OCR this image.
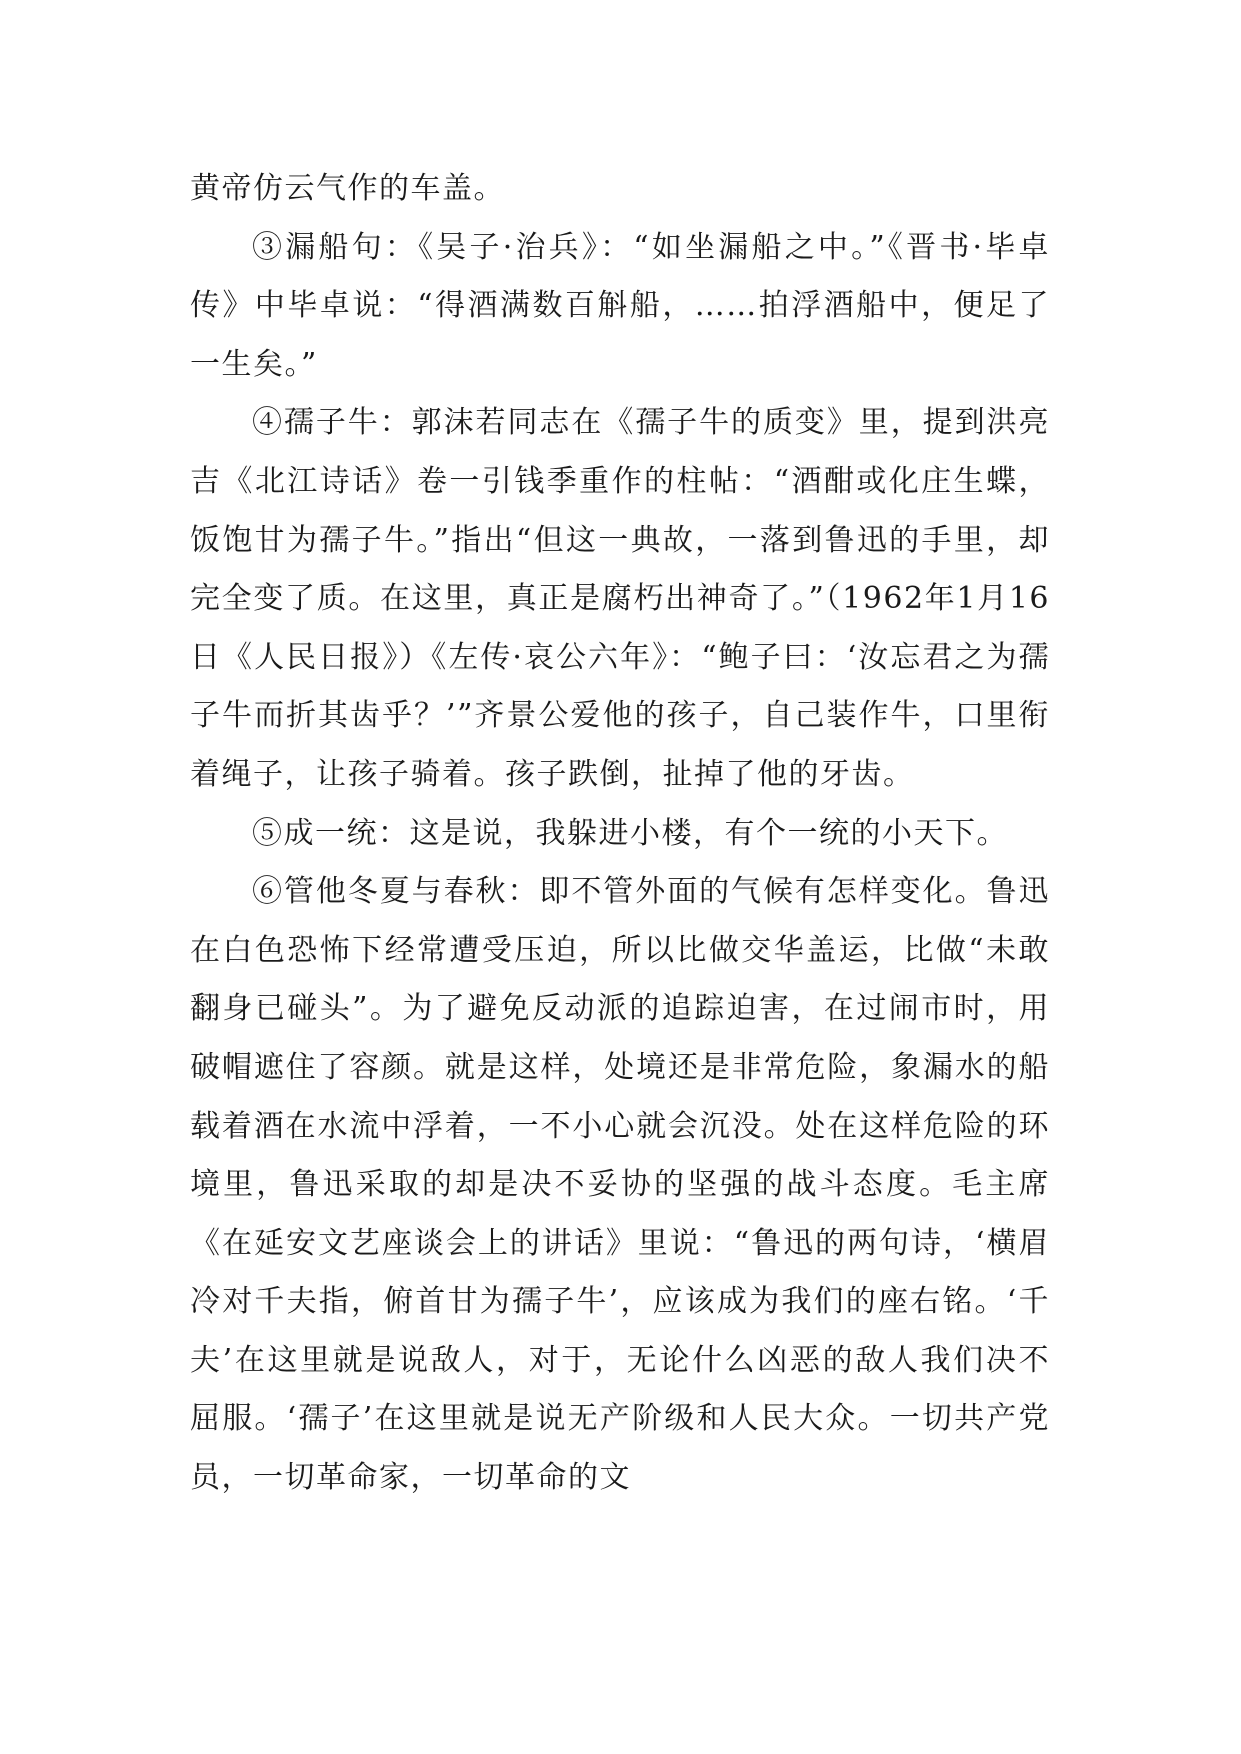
黄帝仿云气作的车盖。

③漏船句：《吴子·治兵》：“如坐漏船之中。”《晋书·毕卓传》中毕卓说：“得酒满数百斛船，……拍浮酒船中，便足了一生矣。”

④孺子牛：郭沫若同志在《孺子牛的质变》里，提到洪亮吉《北江诗话》卷一引钱季重作的柱帖：“酒酣或化庄生蝶，饭饱甘为孺子牛。”指出“但这一典故，一落到鲁迅的手里，却完全变了质。在这里，真正是腐朽出神奇了。”（1962年1月16日《人民日报》）《左传·哀公六年》：“鲍子曰：‘汝忘君之为孺子牛而折其齿乎？’”齐景公爱他的孩子，自己装作牛，口里衔着绳子，让孩子骑着。孩子跌倒，扯掉了他的牙齿。

⑤成一统：这是说，我躲进小楼，有个一统的小天下。

⑥管他冬夏与春秋：即不管外面的气候有怎样变化。鲁迅在白色恐怖下经常遭受压迫，所以比做交华盖运，比做“未敢翻身已碰头”。为了避免反动派的追踪迫害，在过闹市时，用破帽遮住了容颜。就是这样，处境还是非常危险，象漏水的船载着酒在水流中浮着，一不小心就会沉没。处在这样危险的环境里，鲁迅采取的却是决不妥协的坚强的战斗态度。毛主席《在延安文艺座谈会上的讲话》里说：“鲁迅的两句诗，‘横眉冷对千夫指，俯首甘为孺子牛’，应该成为我们的座右铭。‘千夫’在这里就是说敌人，对于，无论什么凶恶的敌人我们决不屈服。‘孺子’在这里就是说无产阶级和人民大众。一切共产党员，一切革命家，一切革命的文
